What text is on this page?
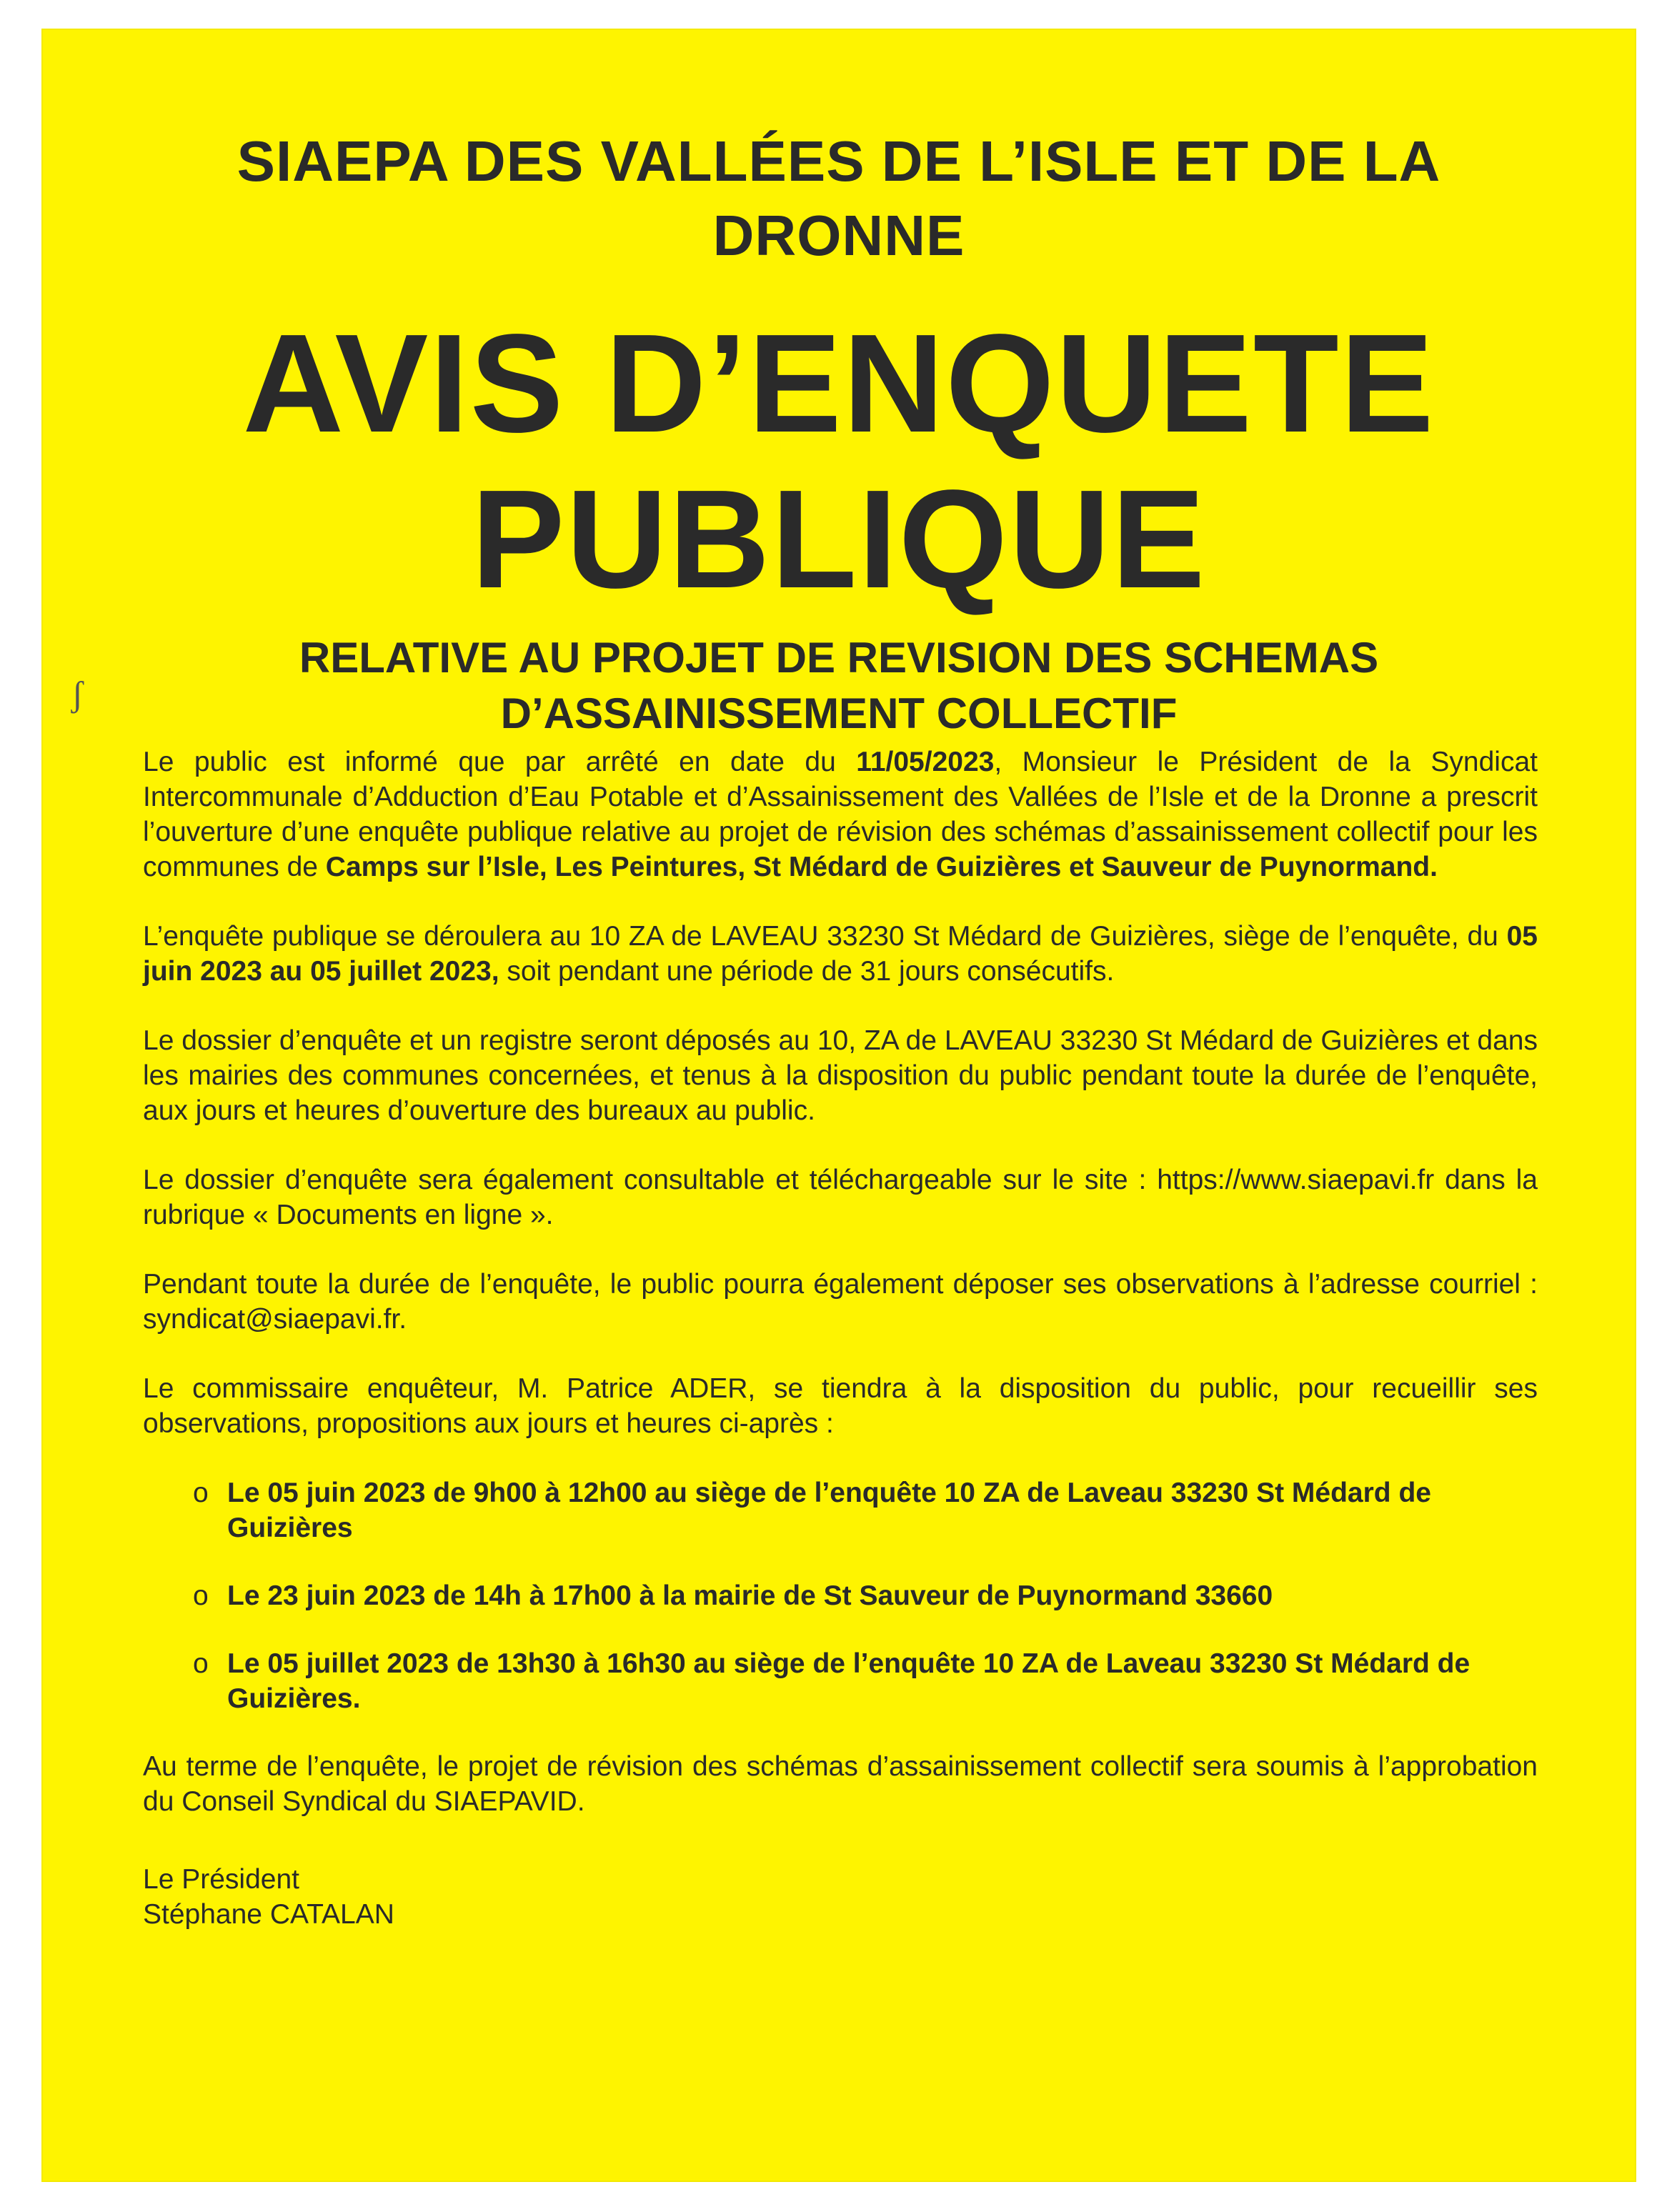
SIAEPA DES VALLÉES DE L’ISLE ET DE LA DRONNE
AVIS D’ENQUETE
PUBLIQUE
RELATIVE AU PROJET DE REVISION DES SCHEMAS
D’ASSAINISSEMENT COLLECTIF
ʃ

Le public est informé que par arrêté en date du 11/05/2023, Monsieur le Président de la Syndicat Intercommunale d’Adduction d’Eau Potable et d’Assainissement des Vallées de l’Isle et de la Dronne a prescrit l’ouverture d’une enquête publique relative au projet de révision des schémas d’assainissement collectif pour les communes de Camps sur l’Isle, Les Peintures, St Médard de Guizières et Sauveur de Puynormand.

L’enquête publique se déroulera au 10 ZA de LAVEAU 33230 St Médard de Guizières, siège de l’enquête, du 05 juin 2023 au 05 juillet 2023, soit pendant une période de 31 jours consécutifs.

Le dossier d’enquête et un registre seront déposés au 10, ZA de LAVEAU 33230 St Médard de Guizières et dans les mairies des communes concernées, et tenus à la disposition du public pendant toute la durée de l’enquête, aux jours et heures d’ouverture des bureaux au public.

Le dossier d’enquête sera également consultable et téléchargeable sur le site : https://www.siaepavi.fr dans la rubrique « Documents en ligne ».

Pendant toute la durée de l’enquête, le public pourra également déposer ses observations à l’adresse courriel : syndicat@siaepavi.fr.

Le commissaire enquêteur, M. Patrice ADER, se tiendra à la disposition du public, pour recueillir ses observations, propositions aux jours et heures ci-après :

o Le 05 juin 2023 de 9h00 à 12h00 au siège de l’enquête 10 ZA de Laveau 33230 St Médard de Guizières
o Le 23 juin 2023 de 14h à 17h00 à la mairie de St Sauveur de Puynormand 33660
o Le 05 juillet 2023 de 13h30 à 16h30 au siège de l’enquête 10 ZA de Laveau 33230 St Médard de Guizières.

Au terme de l’enquête, le projet de révision des schémas d’assainissement collectif sera soumis à l’approbation du Conseil Syndical du SIAEPAVID.

Le Président
Stéphane CATALAN
